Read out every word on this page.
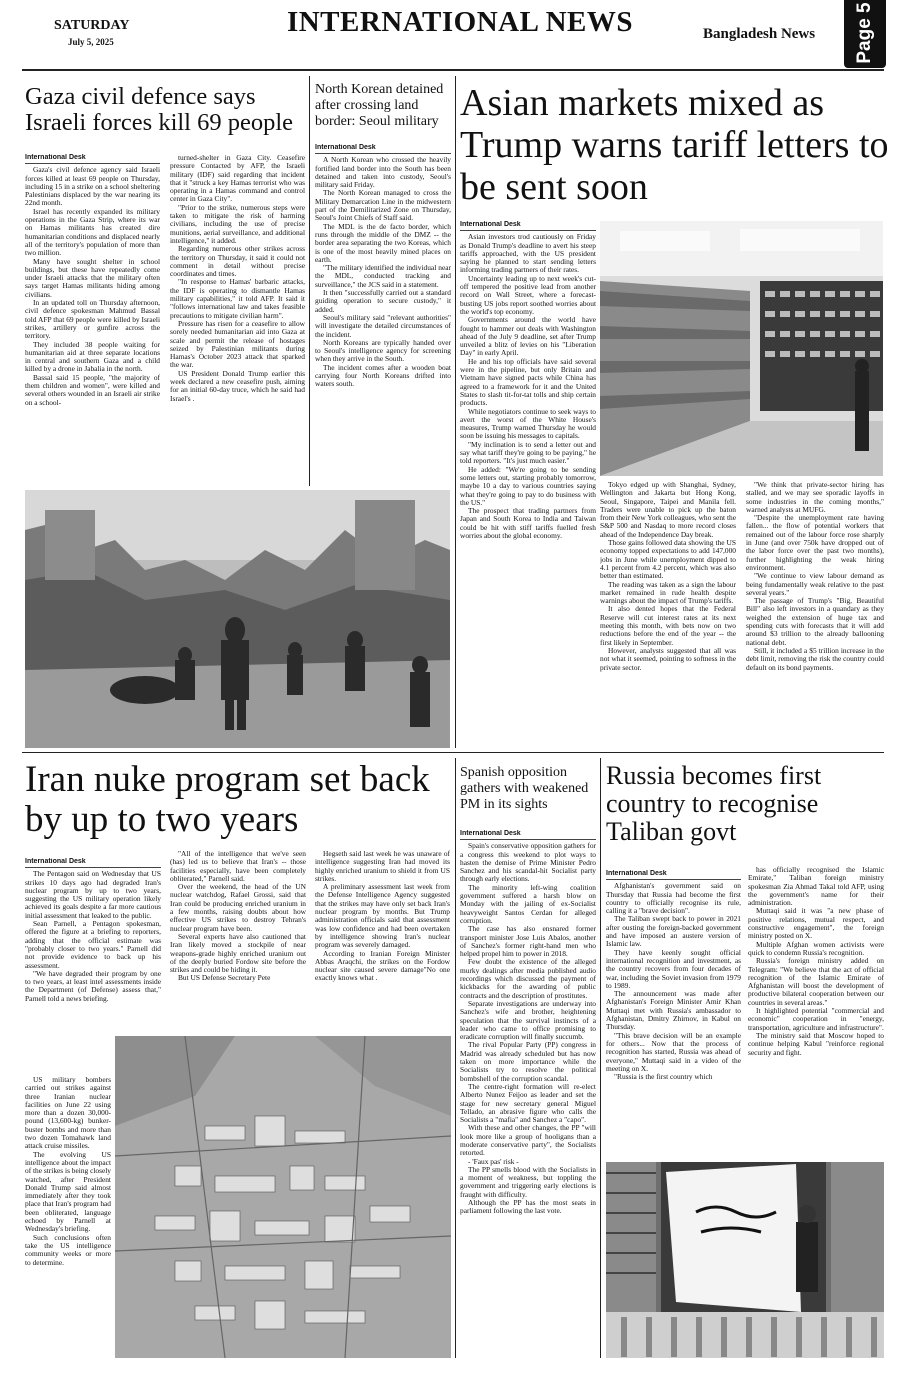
SATURDAY
July 5, 2025
INTERNATIONAL NEWS	Bangladesh News Page 5
Gaza civil defence says Israeli forces kill 69 people
International Desk

Gaza's civil defence agency said Israeli forces killed at least 69 people on Thursday, including 15 in a strike on a school sheltering Palestinians displaced by the war nearing its 22nd month.

Israel has recently expanded its military operations in the Gaza Strip, where its war on Hamas militants has created dire humanitarian conditions and displaced nearly all of the territory's population of more than two million.

Many have sought shelter in school buildings, but these have repeatedly come under Israeli attacks that the military often says target Hamas militants hiding among civilians.

In an updated toll on Thursday afternoon, civil defence spokesman Mahmud Bassal told AFP that 69 people were killed by Israeli strikes, artillery or gunfire across the territory.

They included 38 people waiting for humanitarian aid at three separate locations in central and southern Gaza and a child killed by a drone in Jabalia in the north.

Bassal said 15 people, "the majority of them children and women", were killed and several others wounded in an Israeli air strike on a school-

turned-shelter in Gaza City. Ceasefire pressure Contacted by AFP, the Israeli military (IDF) said regarding that incident that it "struck a key Hamas terrorist who was operating in a Hamas command and control center in Gaza City".

"Prior to the strike, numerous steps were taken to mitigate the risk of harming civilians, including the use of precise munitions, aerial surveillance, and additional intelligence," it added.

Regarding numerous other strikes across the territory on Thursday, it said it could not comment in detail without precise coordinates and times.

"In response to Hamas' barbaric attacks, the IDF is operating to dismantle Hamas military capabilities," it told AFP. It said it "follows international law and takes feasible precautions to mitigate civilian harm".

Pressure has risen for a ceasefire to allow sorely needed humanitarian aid into Gaza at scale and permit the release of hostages seized by Palestinian militants during Hamas's October 2023 attack that sparked the war.

US President Donald Trump earlier this week declared a new ceasefire push, aiming for an initial 60-day truce, which he said had Israel's .

North Korean detained after crossing land border: Seoul military
International Desk

A North Korean who crossed the heavily fortified land border into the South has been detained and taken into custody, Seoul's military said Friday.

The North Korean managed to cross the Military Demarcation Line in the midwestern part of the Demilitarized Zone on Thursday, Seoul's Joint Chiefs of Staff said.

The MDL is the de facto border, which runs through the middle of the DMZ -- the border area separating the two Koreas, which is one of the most heavily mined places on earth.

"The military identified the individual near the MDL, conducted tracking and surveillance," the JCS said in a statement.

It then "successfully carried out a standard guiding operation to secure custody," it added.

Seoul's military said "relevant authorities" will investigate the detailed circumstances of the incident.

North Koreans are typically handed over to Seoul's intelligence agency for screening when they arrive in the South.

The incident comes after a wooden boat carrying four North Koreans drifted into waters south.

Asian markets mixed as Trump warns tariff letters to be sent soon
International Desk

Asian investors trod cautiously on Friday as Donald Trump's deadline to avert his steep tariffs approached, with the US president saying he planned to start sending letters informing trading partners of their rates.

Uncertainty leading up to next week's cut-off tempered the positive lead from another record on Wall Street, where a forecast-busting US jobs report soothed worries about the world's top economy.

Governments around the world have fought to hammer out deals with Washington ahead of the July 9 deadline, set after Trump unveiled a blitz of levies on his "Liberation Day" in early April.

He and his top officials have said several were in the pipeline, but only Britain and Vietnam have signed pacts while China has agreed to a framework for it and the United States to slash tit-for-tat tolls and ship certain products.

While negotiators continue to seek ways to avert the worst of the White House's measures, Trump warned Thursday he would soon be issuing his messages to capitals.

"My inclination is to send a letter out and say what tariff they're going to be paying," he told reporters. "It's just much easier."

He added: "We're going to be sending some letters out, starting probably tomorrow, maybe 10 a day to various countries saying what they're going to pay to do business with the US."

The prospect that trading partners from Japan and South Korea to India and Taiwan could be hit with stiff tariffs fuelled fresh worries about the global economy.

Tokyo edged up with Shanghai, Sydney, Wellington and Jakarta but Hong Kong, Seoul, Singapore, Taipei and Manila fell. Traders were unable to pick up the baton from their New York colleagues, who sent the S&P 500 and Nasdaq to more record closes ahead of the Independence Day break.

Those gains followed data showing the US economy topped expectations to add 147,000 jobs in June while unemployment dipped to 4.1 percent from 4.2 percent, which was also better than estimated.

The reading was taken as a sign the labour market remained in rude health despite warnings about the impact of Trump's tariffs.

It also dented hopes that the Federal Reserve will cut interest rates at its next meeting this month, with bets now on two reductions before the end of the year -- the first likely in September.

However, analysts suggested that all was not what it seemed, pointing to softness in the private sector.

"We think that private-sector hiring has stalled, and we may see sporadic layoffs in some industries in the coming months," warned analysts at MUFG.

"Despite the unemployment rate having fallen... the flow of potential workers that remained out of the labour force rose sharply in June (and over 750k have dropped out of the labor force over the past two months), further highlighting the weak hiring environment.

"We continue to view labour demand as being fundamentally weak relative to the past several years."

The passage of Trump's "Big, Beautiful Bill" also left investors in a quandary as they weighed the extension of huge tax and spending cuts with forecasts that it will add around $3 trillion to the already ballooning national debt.

Still, it included a $5 trillion increase in the debt limit, removing the risk the country could default on its bond payments.

Iran nuke program set back by up to two years
International Desk

The Pentagon said on Wednesday that US strikes 10 days ago had degraded Iran's nuclear program by up to two years, suggesting the US military operation likely achieved its goals despite a far more cautious initial assessment that leaked to the public.

Sean Parnell, a Pentagon spokesman, offered the figure at a briefing to reporters, adding that the official estimate was "probably closer to two years." Parnell did not provide evidence to back up his assessment.

"We have degraded their program by one to two years, at least intel assessments inside the Department (of Defense) assess that," Parnell told a news briefing.

US military bombers carried out strikes against three Iranian nuclear facilities on June 22 using more than a dozen 30,000-pound (13,600-kg) bunker-buster bombs and more than two dozen Tomahawk land attack cruise missiles.

The evolving US intelligence about the impact of the strikes is being closely watched, after President Donald Trump said almost immediately after they took place that Iran's program had been obliterated, language echoed by Parnell at Wednesday's briefing.

Such conclusions often take the US intelligence community weeks or more to determine.

"All of the intelligence that we've seen (has) led us to believe that Iran's -- those facilities especially, have been completely obliterated," Parnell said.

Over the weekend, the head of the UN nuclear watchdog, Rafael Grossi, said that Iran could be producing enriched uranium in a few months, raising doubts about how effective US strikes to destroy Tehran's nuclear program have been.

Several experts have also cautioned that Iran likely moved a stockpile of near weapons-grade highly enriched uranium out of the deeply buried Fordow site before the strikes and could be hiding it.

But US Defense Secretary Pete

Hegseth said last week he was unaware of intelligence suggesting Iran had moved its highly enriched uranium to shield it from US strikes.

A preliminary assessment last week from the Defense Intelligence Agency suggested that the strikes may have only set back Iran's nuclear program by months. But Trump administration officials said that assessment was low confidence and had been overtaken by intelligence showing Iran's nuclear program was severely damaged.

According to Iranian Foreign Minister Abbas Araqchi, the strikes on the Fordow nuclear site caused severe damage"No one exactly knows what .

Spanish opposition gathers with weakened PM in its sights
International Desk

Spain's conservative opposition gathers for a congress this weekend to plot ways to hasten the demise of Prime Minister Pedro Sanchez and his scandal-hit Socialist party through early elections.

The minority left-wing coalition government suffered a harsh blow on Monday with the jailing of ex-Socialist heavyweight Santos Cerdan for alleged corruption.

The case has also ensnared former transport minister Jose Luis Abalos, another of Sanchez's former right-hand men who helped propel him to power in 2018.

Few doubt the existence of the alleged murky dealings after media published audio recordings which discussed the payment of kickbacks for the awarding of public contracts and the description of prostitutes.

Separate investigations are underway into Sanchez's wife and brother, heightening speculation that the survival instincts of a leader who came to office promising to eradicate corruption will finally succumb.

The rival Popular Party (PP) congress in Madrid was already scheduled but has now taken on more importance while the Socialists try to resolve the political bombshell of the corruption scandal.

The centre-right formation will re-elect Alberto Nunez Feijoo as leader and set the stage for new secretary general Miguel Tellado, an abrasive figure who calls the Socialists a "mafia" and Sanchez a "capo".

With these and other changes, the PP "will look more like a group of hooligans than a moderate conservative party", the Socialists retorted.

- 'Faux pas' risk -

The PP smells blood with the Socialists in a moment of weakness, but toppling the government and triggering early elections is fraught with difficulty.

Although the PP has the most seats in parliament following the last vote.

Russia becomes first country to recognise Taliban govt
International Desk

Afghanistan's government said on Thursday that Russia had become the first country to officially recognise its rule, calling it a "brave decision".

The Taliban swept back to power in 2021 after ousting the foreign-backed government and have imposed an austere version of Islamic law.

They have keenly sought official international recognition and investment, as the country recovers from four decades of war, including the Soviet invasion from 1979 to 1989.

The announcement was made after Afghanistan's Foreign Minister Amir Khan Muttaqi met with Russia's ambassador to Afghanistan, Dmitry Zhirnov, in Kabul on Thursday.

"This brave decision will be an example for others... Now that the process of recognition has started, Russia was ahead of everyone," Muttaqi said in a video of the meeting on X.

"Russia is the first country which

has officially recognised the Islamic Emirate," Taliban foreign ministry spokesman Zia Ahmad Takal told AFP, using the government's name for their administration.

Muttaqi said it was "a new phase of positive relations, mutual respect, and constructive engagement", the foreign ministry posted on X.

Multiple Afghan women activists were quick to condemn Russia's recognition.

Russia's foreign ministry added on Telegram: "We believe that the act of official recognition of the Islamic Emirate of Afghanistan will boost the development of productive bilateral cooperation between our countries in several areas."

It highlighted potential "commercial and economic" cooperation in "energy, transportation, agriculture and infrastructure".

The ministry said that Moscow hoped to continue helping Kabul "reinforce regional security and fight.
